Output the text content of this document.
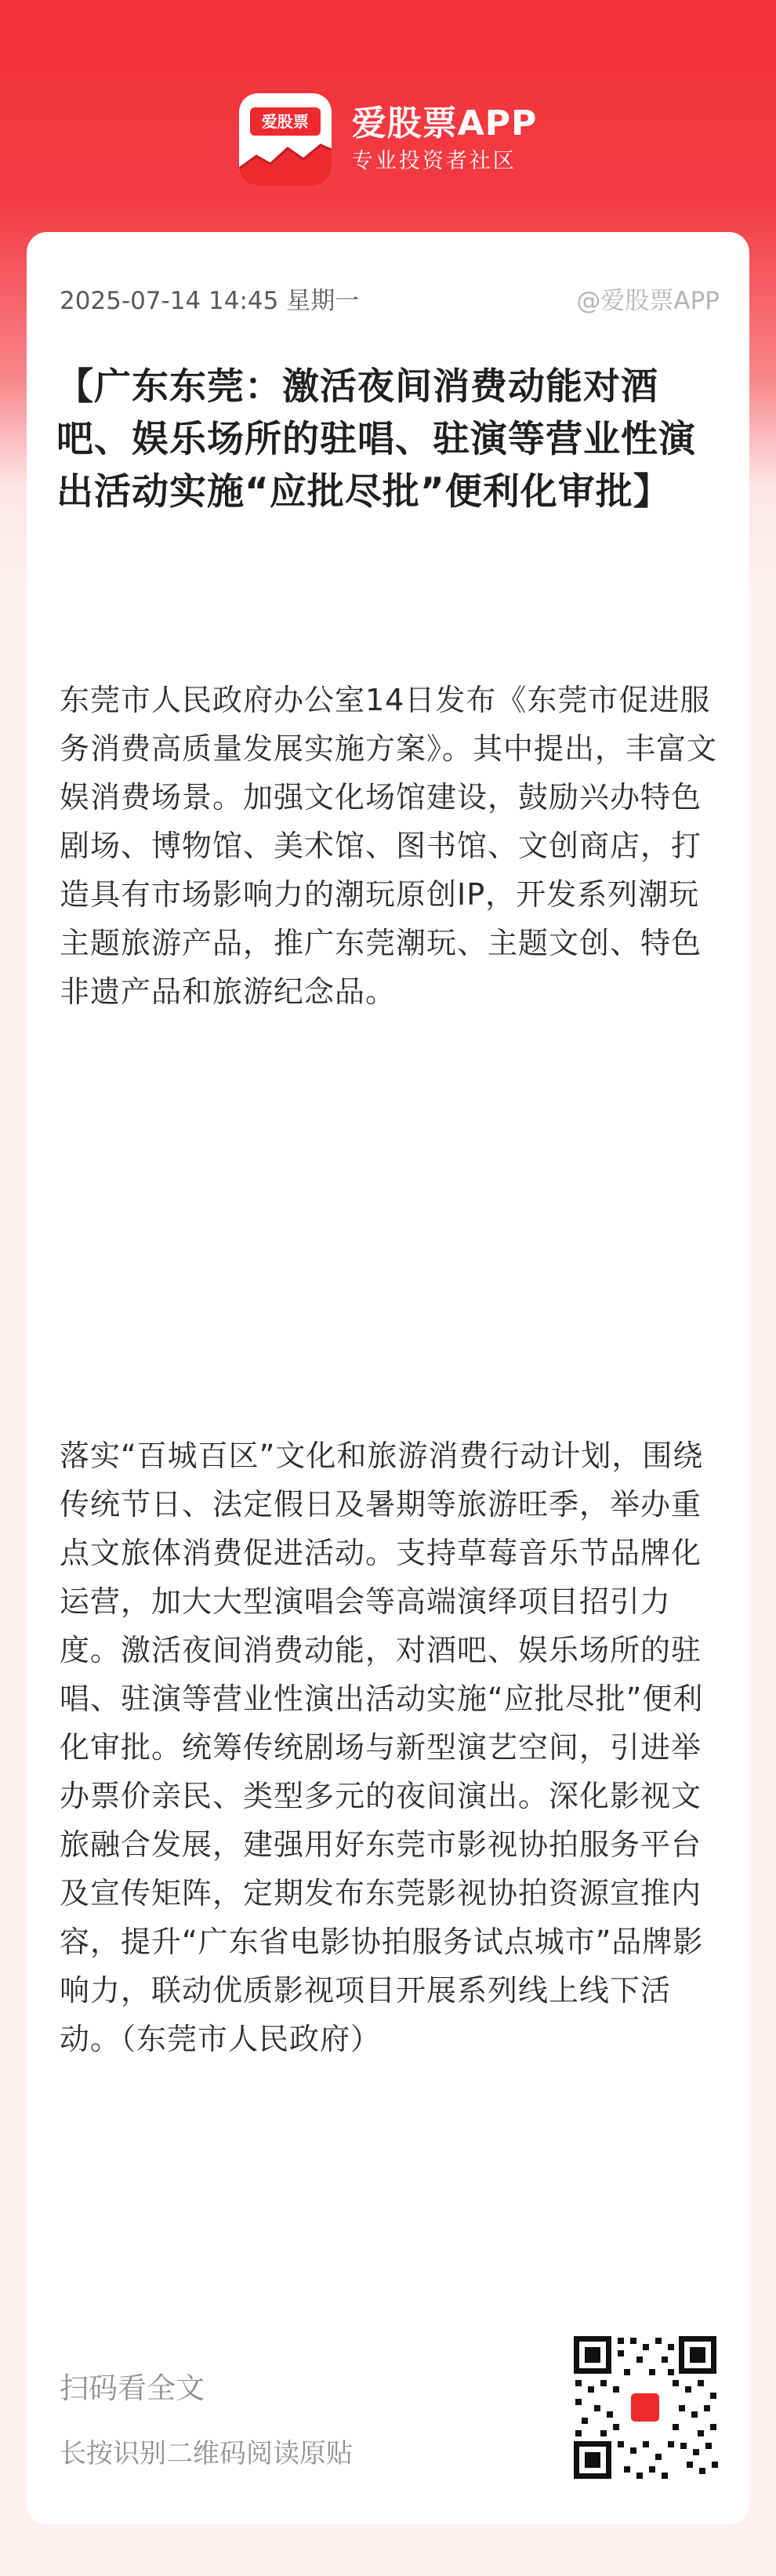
爱股票	爱股票APP
专业投资者社区
2025-07-14 14:45 星期一	@爱股票APP
【广东东莞：激活夜间消费动能对酒吧、娱乐场所的驻唱、驻演等营业性演出活动实施“应批尽批”便利化审批】

东莞市人民政府办公室14日发布《东莞市促进服务消费高质量发展实施方案》。其中提出，丰富文娱消费场景。加强文化场馆建设，鼓励兴办特色剧场、博物馆、美术馆、图书馆、文创商店，打造具有市场影响力的潮玩原创IP，开发系列潮玩主题旅游产品，推广东莞潮玩、主题文创、特色非遗产品和旅游纪念品。

落实“百城百区”文化和旅游消费行动计划，围绕传统节日、法定假日及暑期等旅游旺季，举办重点文旅体消费促进活动。支持草莓音乐节品牌化运营，加大大型演唱会等高端演绎项目招引力度。激活夜间消费动能，对酒吧、娱乐场所的驻唱、驻演等营业性演出活动实施“应批尽批”便利化审批。统筹传统剧场与新型演艺空间，引进举办票价亲民、类型多元的夜间演出。深化影视文旅融合发展，建强用好东莞市影视协拍服务平台及宣传矩阵，定期发布东莞影视协拍资源宣推内容，提升“广东省电影协拍服务试点城市”品牌影响力，联动优质影视项目开展系列线上线下活动。（东莞市人民政府）

扫码看全文
长按识别二维码阅读原贴
